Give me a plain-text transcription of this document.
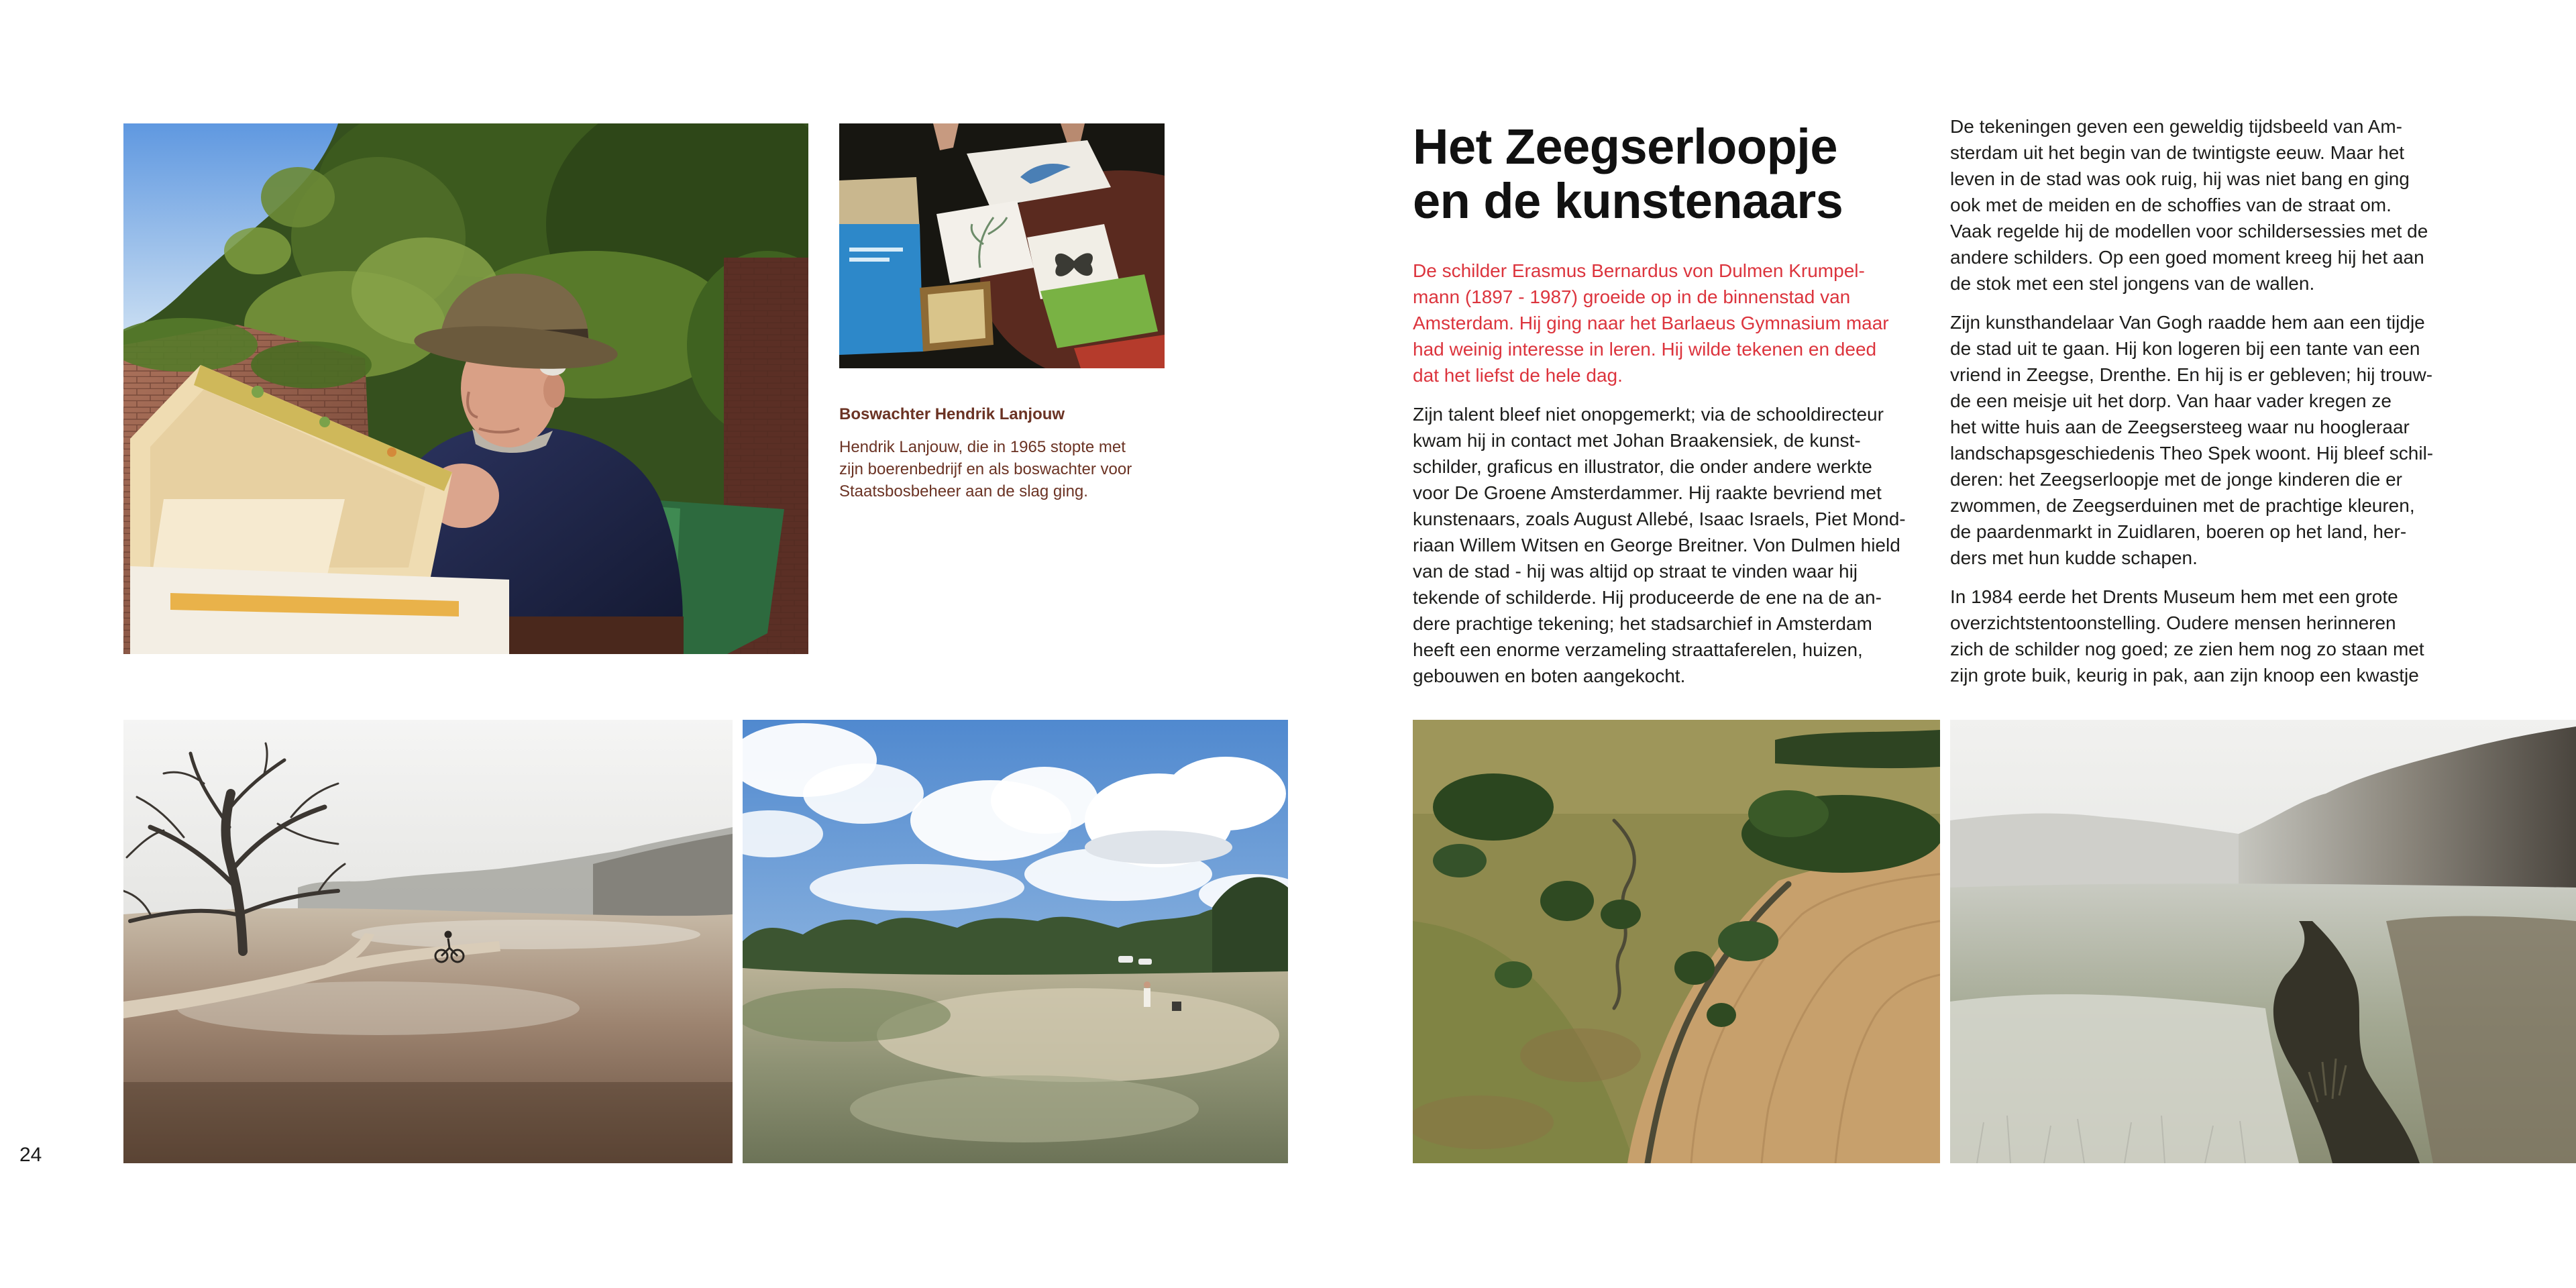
Boswachter Hendrik Lanjouw
Hendrik Lanjouw, die in 1965 stopte met
zijn boerenbedrijf en als boswachter voor
Staatsbosbeheer aan de slag ging.
24
Het Zeegserloopje
en de kunstenaars
De schilder Erasmus Bernardus von Dulmen Krumpel-
mann (1897 - 1987) groeide op in de binnenstad van
Amsterdam. Hij ging naar het Barlaeus Gymnasium maar
had weinig interesse in leren. Hij wilde tekenen en deed
dat het liefst de hele dag.
Zijn talent bleef niet onopgemerkt; via de schooldirecteur
kwam hij in contact met Johan Braakensiek, de kunst-
schilder, graficus en illustrator, die onder andere werkte
voor De Groene Amsterdammer. Hij raakte bevriend met
kunstenaars, zoals August Allebé, Isaac Israels, Piet Mond-
riaan Willem Witsen en George Breitner. Von Dulmen hield
van de stad - hij was altijd op straat te vinden waar hij
tekende of schilderde. Hij produceerde de ene na de an-
dere prachtige tekening; het stadsarchief in Amsterdam
heeft een enorme verzameling straattaferelen, huizen,
gebouwen en boten aangekocht.
De tekeningen geven een geweldig tijdsbeeld van Am-
sterdam uit het begin van de twintigste eeuw. Maar het
leven in de stad was ook ruig, hij was niet bang en ging
ook met de meiden en de schoffies van de straat om.
Vaak regelde hij de modellen voor schildersessies met de
andere schilders. Op een goed moment kreeg hij het aan
de stok met een stel jongens van de wallen.
Zijn kunsthandelaar Van Gogh raadde hem aan een tijdje
de stad uit te gaan. Hij kon logeren bij een tante van een
vriend in Zeegse, Drenthe. En hij is er gebleven; hij trouw-
de een meisje uit het dorp. Van haar vader kregen ze
het witte huis aan de Zeegsersteeg waar nu hoogleraar
landschapsgeschiedenis Theo Spek woont. Hij bleef schil-
deren: het Zeegserloopje met de jonge kinderen die er
zwommen, de Zeegserduinen met de prachtige kleuren,
de paardenmarkt in Zuidlaren, boeren op het land, her-
ders met hun kudde schapen.
In 1984 eerde het Drents Museum hem met een grote
overzichtstentoonstelling. Oudere mensen herinneren
zich de schilder nog goed; ze zien hem nog zo staan met
zijn grote buik, keurig in pak, aan zijn knoop een kwastje
